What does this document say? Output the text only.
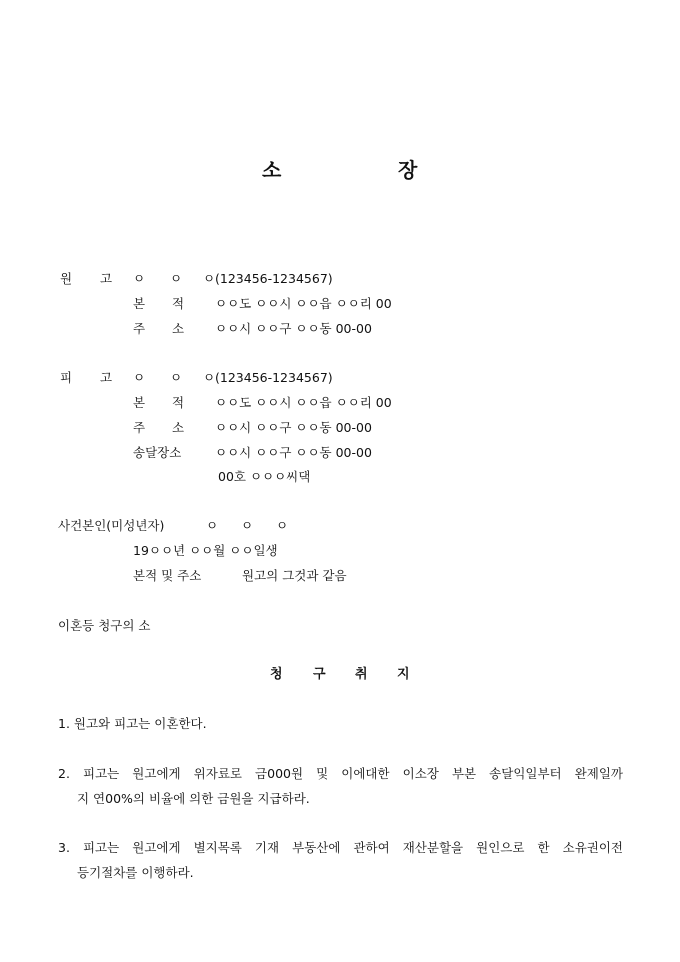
소	장
원 고 ㅇ ㅇ ㅇ (123456-1234567)
본 적 ㅇㅇ도 ㅇㅇ시 ㅇㅇ읍 ㅇㅇ리 00
주 소 ㅇㅇ시 ㅇㅇ구 ㅇㅇ동 00-00
피 고 ㅇ ㅇ ㅇ (123456-1234567)
본 적 ㅇㅇ도 ㅇㅇ시 ㅇㅇ읍 ㅇㅇ리 00
주 소 ㅇㅇ시 ㅇㅇ구 ㅇㅇ동 00-00
송달장소	ㅇㅇ시 ㅇㅇ구 ㅇㅇ동 00-00
00호 ㅇㅇㅇ씨댁
사건본인(미성년자)	ㅇ ㅇ ㅇ
19ㅇㅇ년 ㅇㅇ월 ㅇㅇ일생
본적 및 주소	원고의 그것과 같음
이혼등 청구의 소
청 구 취 지
1. 원고와 피고는 이혼한다.
2. 피고는 원고에게 위자료로 금000원 및 이에대한 이소장 부본 송달익일부터 완제일까
지 연00%의 비율에 의한 금원을 지급하라.
3. 피고는 원고에게 별지목록 기재 부동산에 관하여 재산분할을 원인으로 한 소유권이전
등기절차를 이행하라.
